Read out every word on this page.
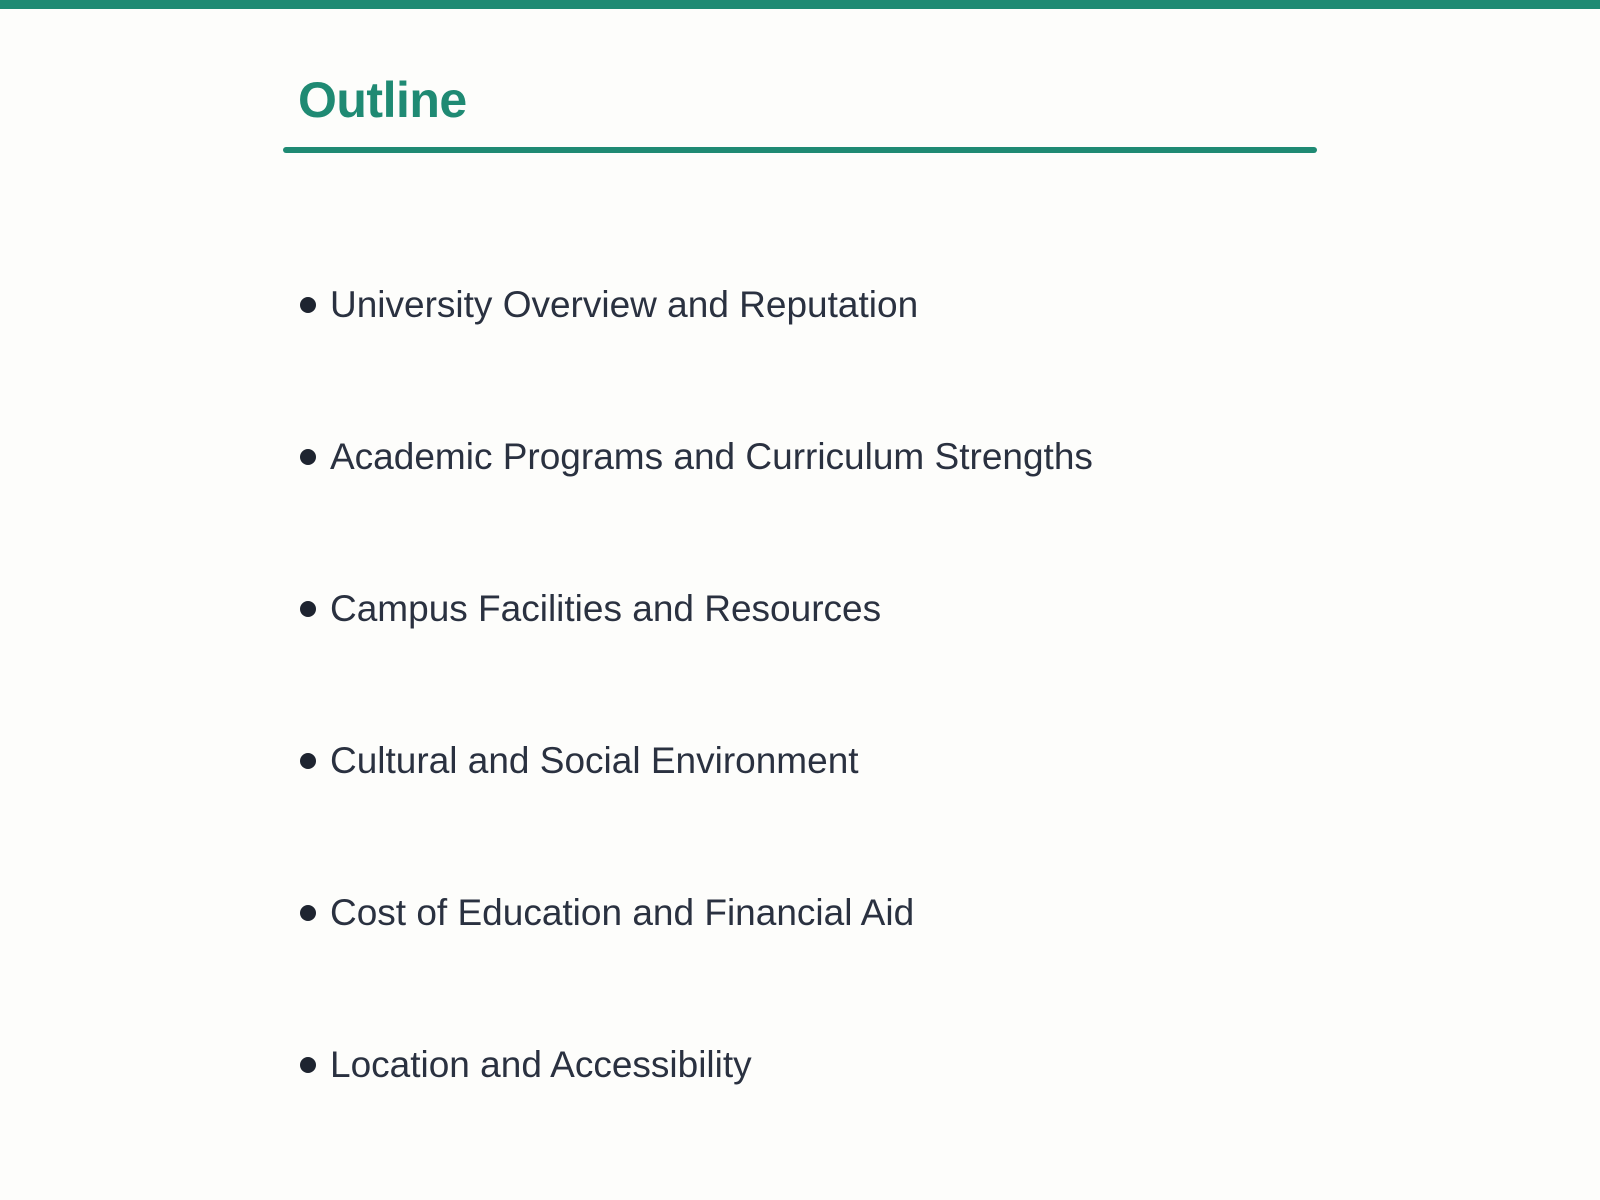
Outline
University Overview and Reputation
Academic Programs and Curriculum Strengths
Campus Facilities and Resources
Cultural and Social Environment
Cost of Education and Financial Aid
Location and Accessibility
